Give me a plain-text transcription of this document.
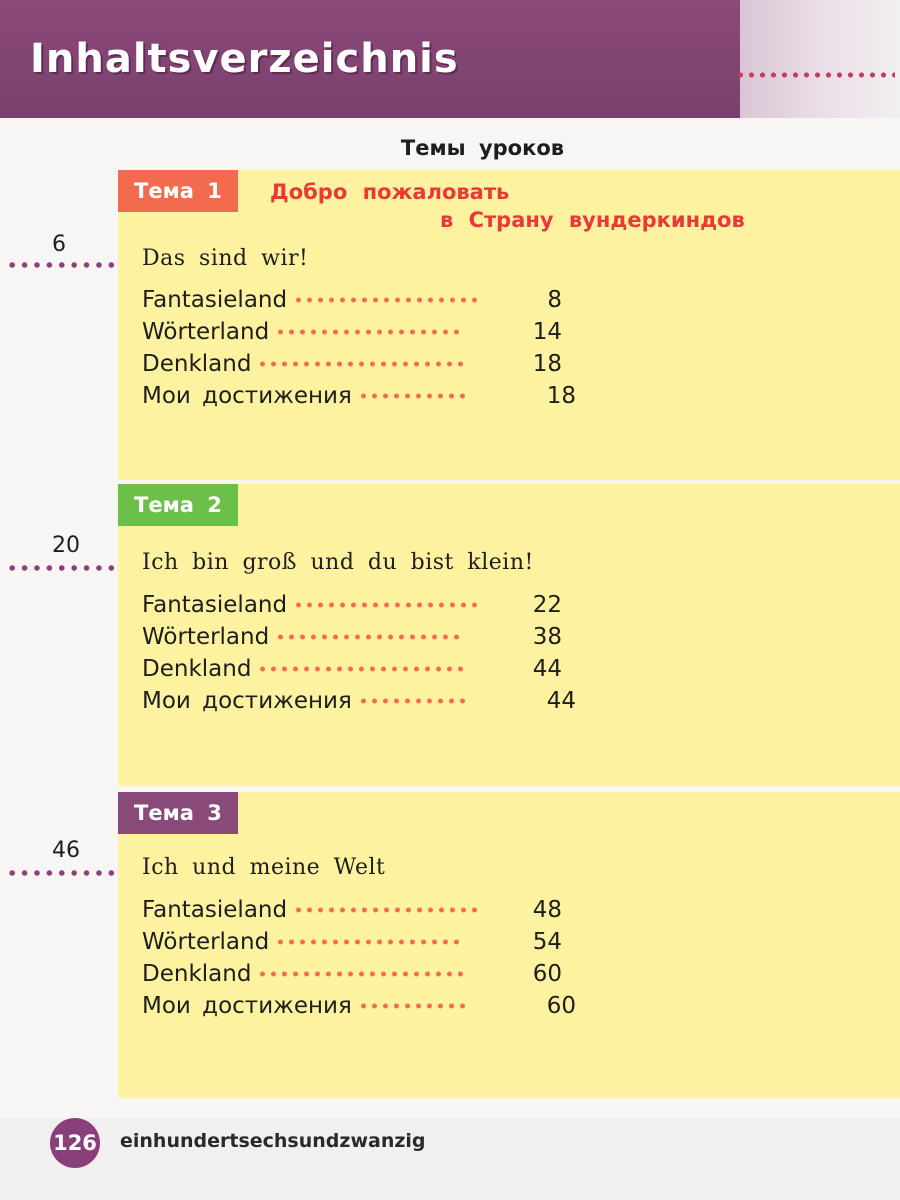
Inhaltsverzeichnis
Темы уроков
Тема 1	Добро пожаловать
в Страну вундеркиндов
6
Das sind wir!
Fantasieland	8
Wörterland	14
Denkland	18
Мои достижения	18
Тема 2
20
Ich bin groß und du bist klein!
Fantasieland	22
Wörterland	38
Denkland	44
Мои достижения	44
Тема 3
46
Ich und meine Welt
Fantasieland	48
Wörterland	54
Denkland	60
Мои достижения	60
126 einhundertsechsundzwanzig
